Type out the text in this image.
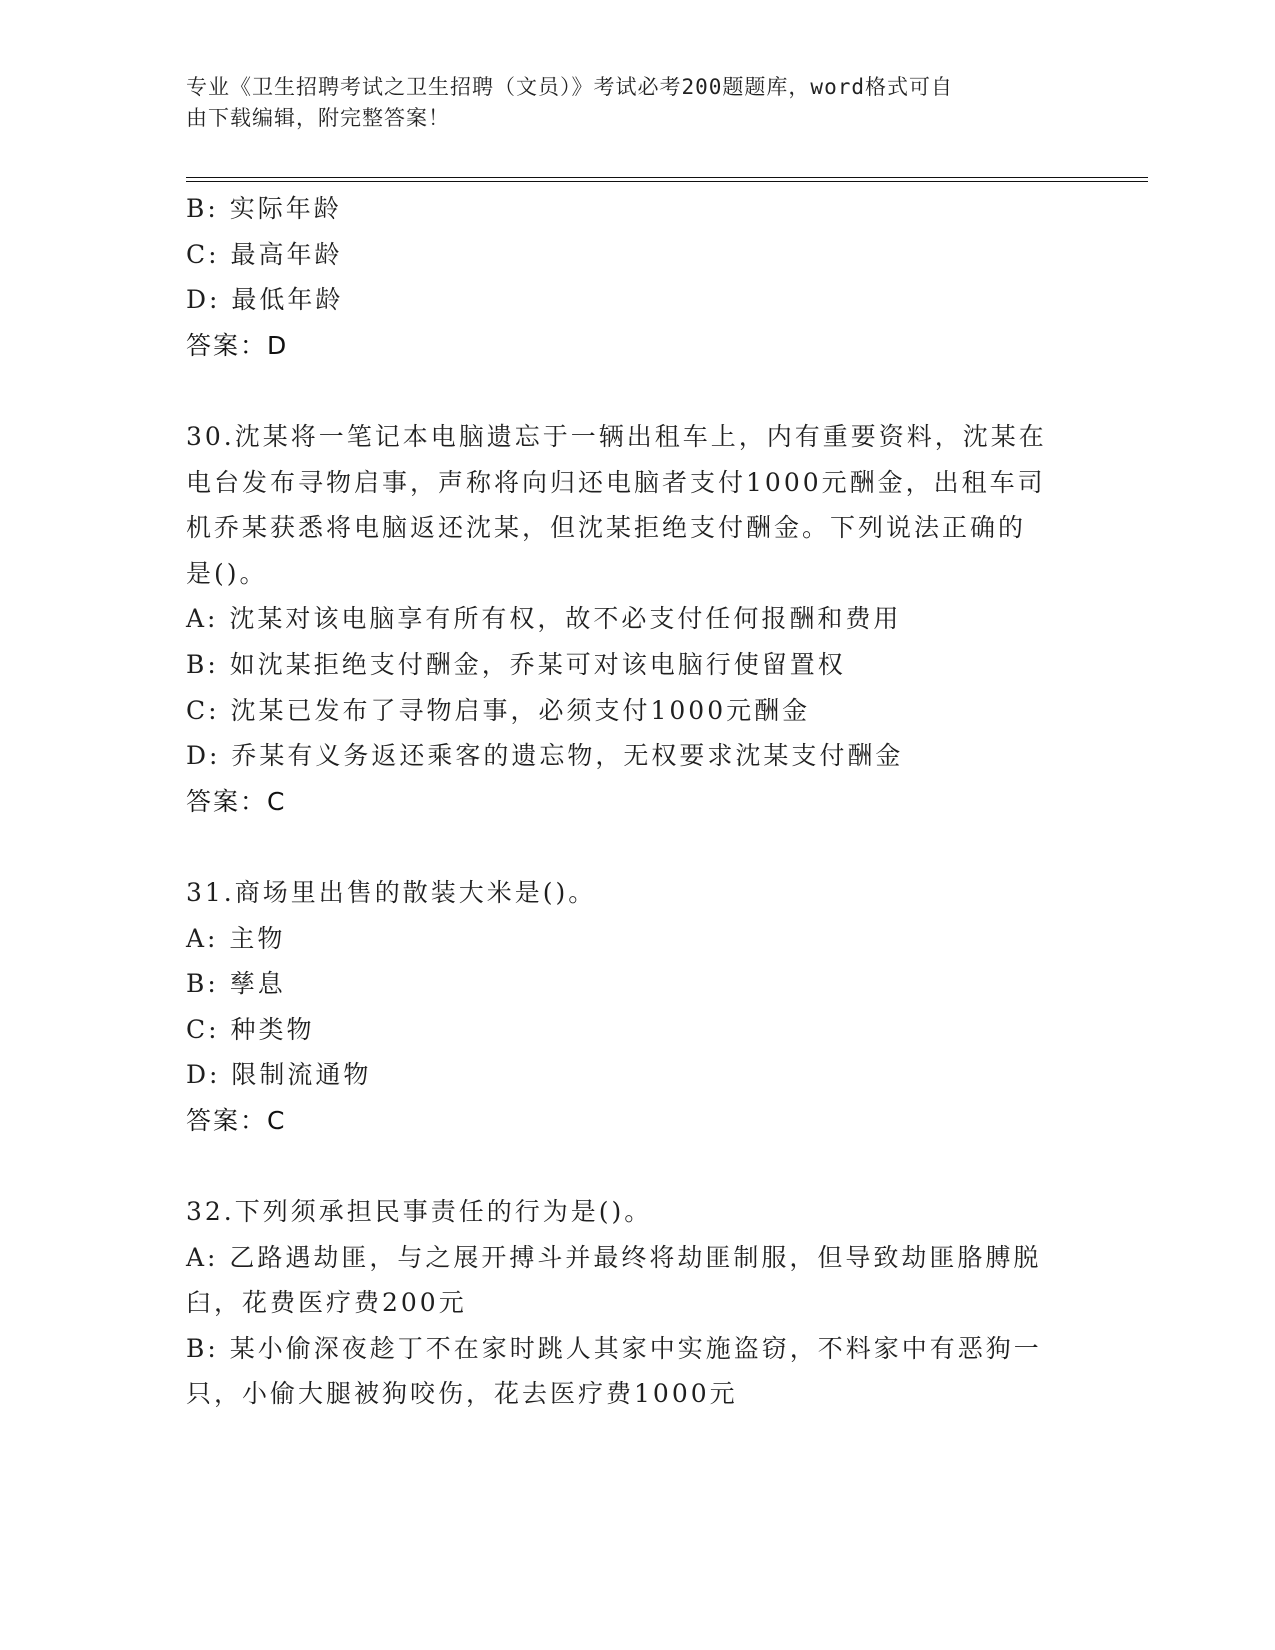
专业《卫生招聘考试之卫生招聘（文员）》考试必考200题题库，word格式可自
由下载编辑，附完整答案！
B: 实际年龄
C: 最高年龄
D: 最低年龄
答案：D
30.沈某将一笔记本电脑遗忘于一辆出租车上，内有重要资料，沈某在
电台发布寻物启事，声称将向归还电脑者支付1000元酬金，出租车司
机乔某获悉将电脑返还沈某，但沈某拒绝支付酬金。下列说法正确的
是()。
A: 沈某对该电脑享有所有权，故不必支付任何报酬和费用
B: 如沈某拒绝支付酬金，乔某可对该电脑行使留置权
C: 沈某已发布了寻物启事，必须支付1000元酬金
D: 乔某有义务返还乘客的遗忘物，无权要求沈某支付酬金
答案：C
31.商场里出售的散装大米是()。
A: 主物
B: 孳息
C: 种类物
D: 限制流通物
答案：C
32.下列须承担民事责任的行为是()。
A: 乙路遇劫匪，与之展开搏斗并最终将劫匪制服，但导致劫匪胳膊脱
臼，花费医疗费200元
B: 某小偷深夜趁丁不在家时跳人其家中实施盗窃，不料家中有恶狗一
只，小偷大腿被狗咬伤，花去医疗费1000元
